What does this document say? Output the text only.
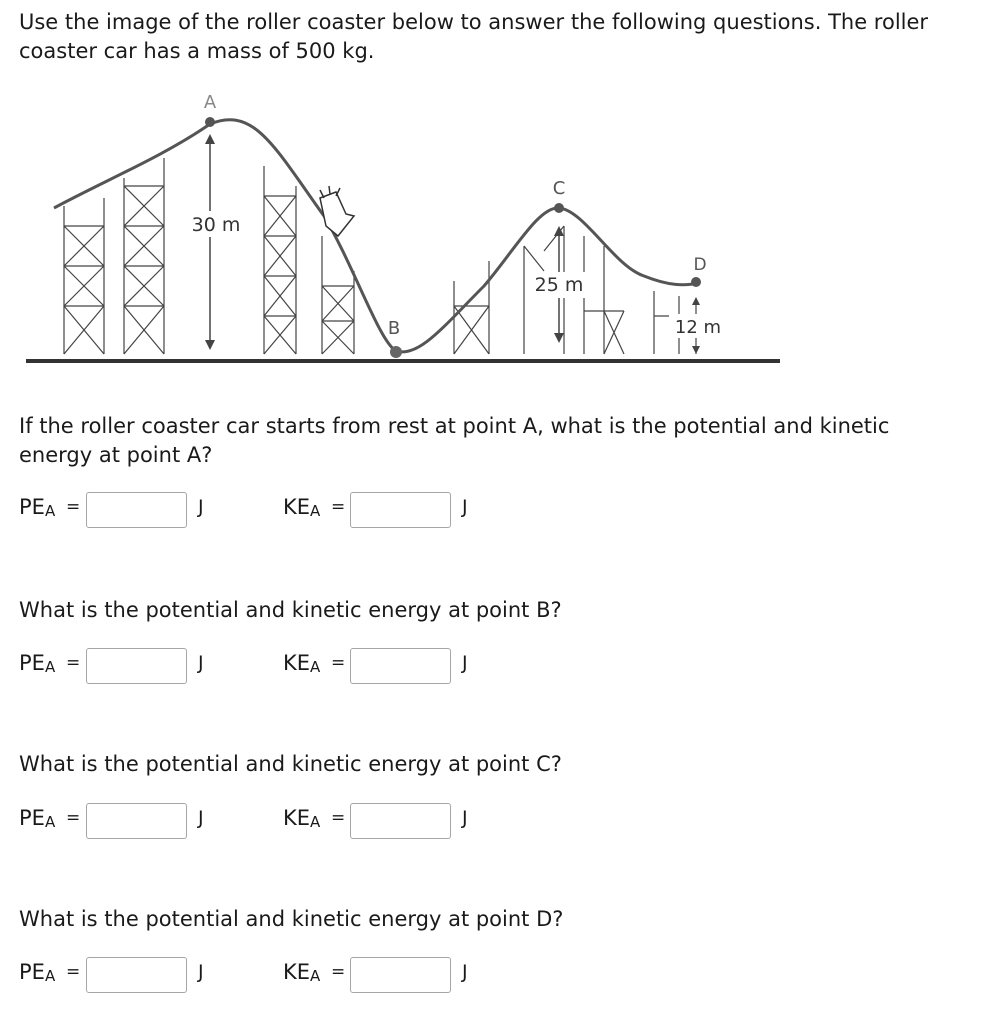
Use the image of the roller coaster below to answer the following questions. The roller coaster car has a mass of 500 kg.

A
30 m
B
C
25 m
D
12 m

If the roller coaster car starts from rest at point A, what is the potential and kinetic energy at point A?

$PE_A$ =	J	$KE_A$ =	J

What is the potential and kinetic energy at point B?

$PE_A$ =	J	$KE_A$ =	J

What is the potential and kinetic energy at point C?

$PE_A$ =	J	$KE_A$ =	J

What is the potential and kinetic energy at point D?

$PE_A$ =	J	$KE_A$ =	J
